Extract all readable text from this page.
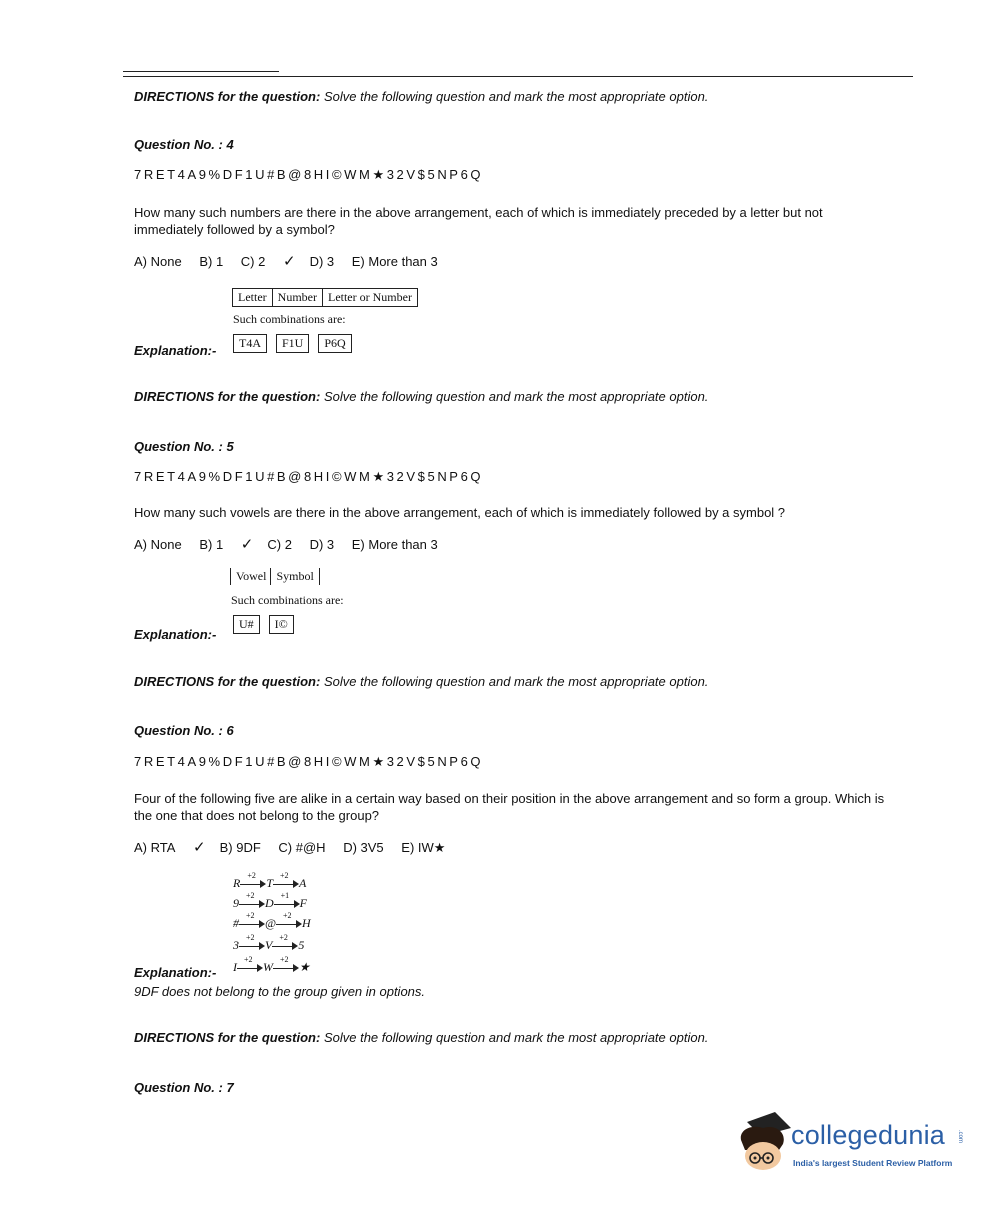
DIRECTIONS for the question: Solve the following question and mark the most appropriate option.
Question No. : 4
7RET4A9%DF1U#B@8HI©WM★32V$5NP6Q
How many such numbers are there in the above arrangement, each of which is immediately preceded by a letter but not immediately followed by a symbol?
A) None B) 1 C) 2 ✓ D) 3 E) More than 3
Letter Number Letter or Number
Such combinations are:
T4A F1U P6Q
Explanation:-
DIRECTIONS for the question: Solve the following question and mark the most appropriate option.
Question No. : 5
7RET4A9%DF1U#B@8HI©WM★32V$5NP6Q
How many such vowels are there in the above arrangement, each of which is immediately followed by a symbol ?
A) None B) 1 ✓ C) 2 D) 3 E) More than 3
Vowel Symbol
Such combinations are:
U# I©
Explanation:-
DIRECTIONS for the question: Solve the following question and mark the most appropriate option.
Question No. : 6
7RET4A9%DF1U#B@8HI©WM★32V$5NP6Q
Four of the following five are alike in a certain way based on their position in the above arrangement and so form a group. Which is the one that does not belong to the group?
A) RTA ✓ B) 9DF C) #@H D) 3V5 E) IW★
R
+2
T
+2
A
9
+2
D
+1
F
#
+2
@
+2
H
3
+2
V
+2
5
I
+2
W
+2
★
Explanation:-
9DF does not belong to the group given in options.
DIRECTIONS for the question: Solve the following question and mark the most appropriate option.
Question No. : 7
collegedunia .com
India's largest Student Review Platform
